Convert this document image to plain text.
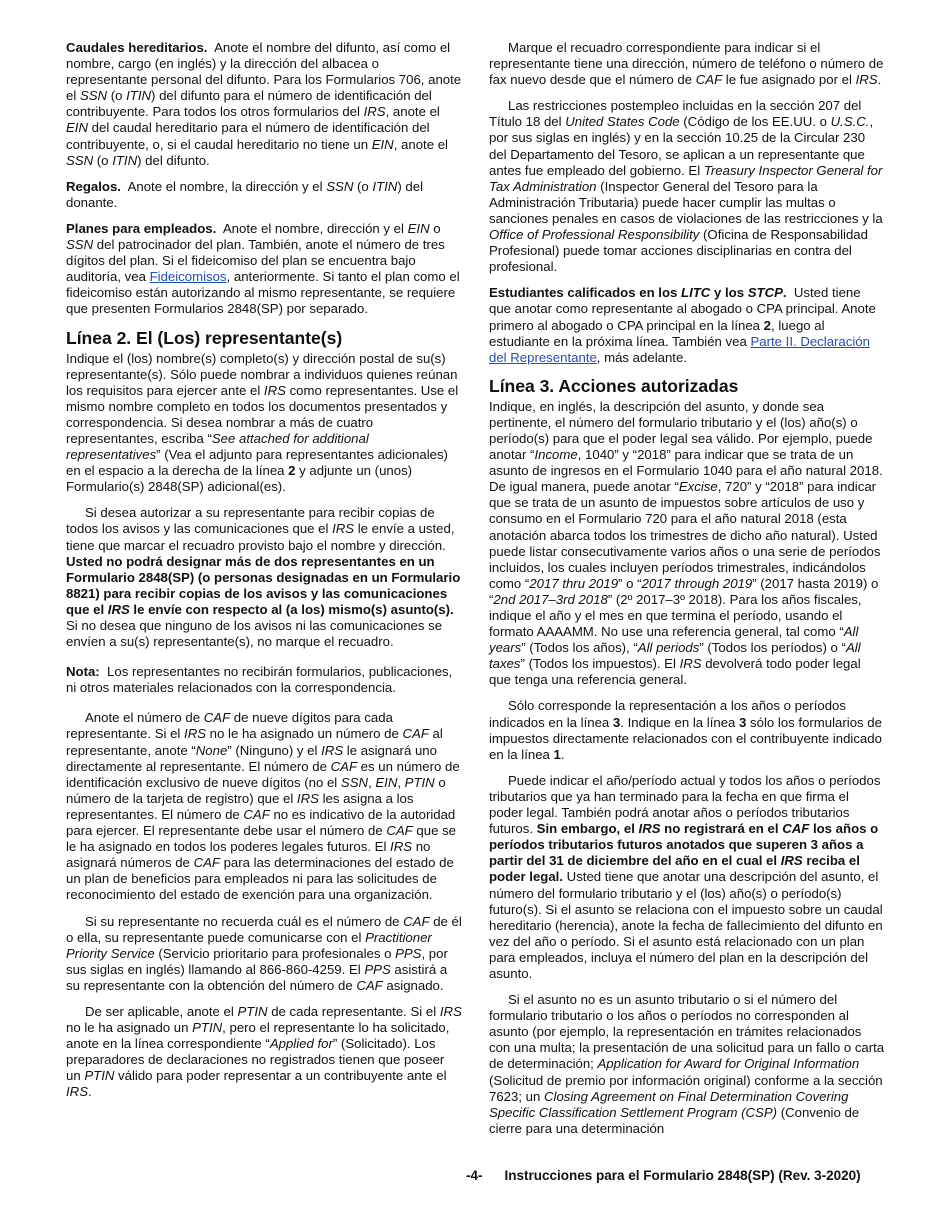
Caudales hereditarios. Anote el nombre del difunto, así como el nombre, cargo (en inglés) y la dirección del albacea o representante personal del difunto. Para los Formularios 706, anote el SSN (o ITIN) del difunto para el número de identificación del contribuyente. Para todos los otros formularios del IRS, anote el EIN del caudal hereditario para el número de identificación del contribuyente, o, si el caudal hereditario no tiene un EIN, anote el SSN (o ITIN) del difunto.

Regalos. Anote el nombre, la dirección y el SSN (o ITIN) del donante.

Planes para empleados. Anote el nombre, dirección y el EIN o SSN del patrocinador del plan. También, anote el número de tres dígitos del plan. Si el fideicomiso del plan se encuentra bajo auditoría, vea Fideicomisos, anteriormente. Si tanto el plan como el fideicomiso están autorizando al mismo representante, se requiere que presenten Formularios 2848(SP) por separado.

Línea 2. El (Los) representante(s)

Indique el (los) nombre(s) completo(s) y dirección postal de su(s) representante(s). Sólo puede nombrar a individuos quienes reúnan los requisitos para ejercer ante el IRS como representantes. Use el mismo nombre completo en todos los documentos presentados y correspondencia. Si desea nombrar a más de cuatro representantes, escriba “See attached for additional representatives” (Vea el adjunto para representantes adicionales) en el espacio a la derecha de la línea 2 y adjunte un (unos) Formulario(s) 2848(SP) adicional(es).

Si desea autorizar a su representante para recibir copias de todos los avisos y las comunicaciones que el IRS le envíe a usted, tiene que marcar el recuadro provisto bajo el nombre y dirección. Usted no podrá designar más de dos representantes en un Formulario 2848(SP) (o personas designadas en un Formulario 8821) para recibir copias de los avisos y las comunicaciones que el IRS le envíe con respecto al (a los) mismo(s) asunto(s). Si no desea que ninguno de los avisos ni las comunicaciones se envíen a su(s) representante(s), no marque el recuadro.

Nota: Los representantes no recibirán formularios, publicaciones, ni otros materiales relacionados con la correspondencia.

Anote el número de CAF de nueve dígitos para cada representante. Si el IRS no le ha asignado un número de CAF al representante, anote “None” (Ninguno) y el IRS le asignará uno directamente al representante. El número de CAF es un número de identificación exclusivo de nueve dígitos (no el SSN, EIN, PTIN o número de la tarjeta de registro) que el IRS les asigna a los representantes. El número de CAF no es indicativo de la autoridad para ejercer. El representante debe usar el número de CAF que se le ha asignado en todos los poderes legales futuros. El IRS no asignará números de CAF para las determinaciones del estado de un plan de beneficios para empleados ni para las solicitudes de reconocimiento del estado de exención para una organización.

Si su representante no recuerda cuál es el número de CAF de él o ella, su representante puede comunicarse con el Practitioner Priority Service (Servicio prioritario para profesionales o PPS, por sus siglas en inglés) llamando al 866-860-4259. El PPS asistirá a su representante con la obtención del número de CAF asignado.

De ser aplicable, anote el PTIN de cada representante. Si el IRS no le ha asignado un PTIN, pero el representante lo ha solicitado, anote en la línea correspondiente “Applied for” (Solicitado). Los preparadores de declaraciones no registrados tienen que poseer un PTIN válido para poder representar a un contribuyente ante el IRS.

Marque el recuadro correspondiente para indicar si el representante tiene una dirección, número de teléfono o número de fax nuevo desde que el número de CAF le fue asignado por el IRS.

Las restricciones postempleo incluidas en la sección 207 del Título 18 del United States Code (Código de los EE.UU. o U.S.C., por sus siglas en inglés) y en la sección 10.25 de la Circular 230 del Departamento del Tesoro, se aplican a un representante que antes fue empleado del gobierno. El Treasury Inspector General for Tax Administration (Inspector General del Tesoro para la Administración Tributaria) puede hacer cumplir las multas o sanciones penales en casos de violaciones de las restricciones y la Office of Professional Responsibility (Oficina de Responsabilidad Profesional) puede tomar acciones disciplinarias en contra del profesional.

Estudiantes calificados en los LITC y los STCP. Usted tiene que anotar como representante al abogado o CPA principal. Anote primero al abogado o CPA principal en la línea 2, luego al estudiante en la próxima línea. También vea Parte II. Declaración del Representante, más adelante.

Línea 3. Acciones autorizadas

Indique, en inglés, la descripción del asunto, y donde sea pertinente, el número del formulario tributario y el (los) año(s) o período(s) para que el poder legal sea válido. Por ejemplo, puede anotar “Income, 1040” y “2018” para indicar que se trata de un asunto de ingresos en el Formulario 1040 para el año natural 2018. De igual manera, puede anotar “Excise, 720” y “2018” para indicar que se trata de un asunto de impuestos sobre artículos de uso y consumo en el Formulario 720 para el año natural 2018 (esta anotación abarca todos los trimestres de dicho año natural). Usted puede listar consecutivamente varios años o una serie de períodos incluidos, los cuales incluyen períodos trimestrales, indicándolos como “2017 thru 2019” o “2017 through 2019” (2017 hasta 2019) o “2nd 2017–3rd 2018” (2º 2017–3º 2018). Para los años fiscales, indique el año y el mes en que termina el período, usando el formato AAAAMM. No use una referencia general, tal como “All years” (Todos los años), “All periods” (Todos los períodos) o “All taxes” (Todos los impuestos). El IRS devolverá todo poder legal que tenga una referencia general.

Sólo corresponde la representación a los años o períodos indicados en la línea 3. Indique en la línea 3 sólo los formularios de impuestos directamente relacionados con el contribuyente indicado en la línea 1.

Puede indicar el año/período actual y todos los años o períodos tributarios que ya han terminado para la fecha en que firma el poder legal. También podrá anotar años o períodos tributarios futuros. Sin embargo, el IRS no registrará en el CAF los años o períodos tributarios futuros anotados que superen 3 años a partir del 31 de diciembre del año en el cual el IRS reciba el poder legal. Usted tiene que anotar una descripción del asunto, el número del formulario tributario y el (los) año(s) o período(s) futuro(s). Si el asunto se relaciona con el impuesto sobre un caudal hereditario (herencia), anote la fecha de fallecimiento del difunto en vez del año o período. Si el asunto está relacionado con un plan para empleados, incluya el número del plan en la descripción del asunto.

Si el asunto no es un asunto tributario o si el número del formulario tributario o los años o períodos no corresponden al asunto (por ejemplo, la representación en trámites relacionados con una multa; la presentación de una solicitud para un fallo o carta de determinación; Application for Award for Original Information (Solicitud de premio por información original) conforme a la sección 7623; un Closing Agreement on Final Determination Covering Specific Classification Settlement Program (CSP) (Convenio de cierre para una determinación

-4- Instrucciones para el Formulario 2848(SP) (Rev. 3-2020)
